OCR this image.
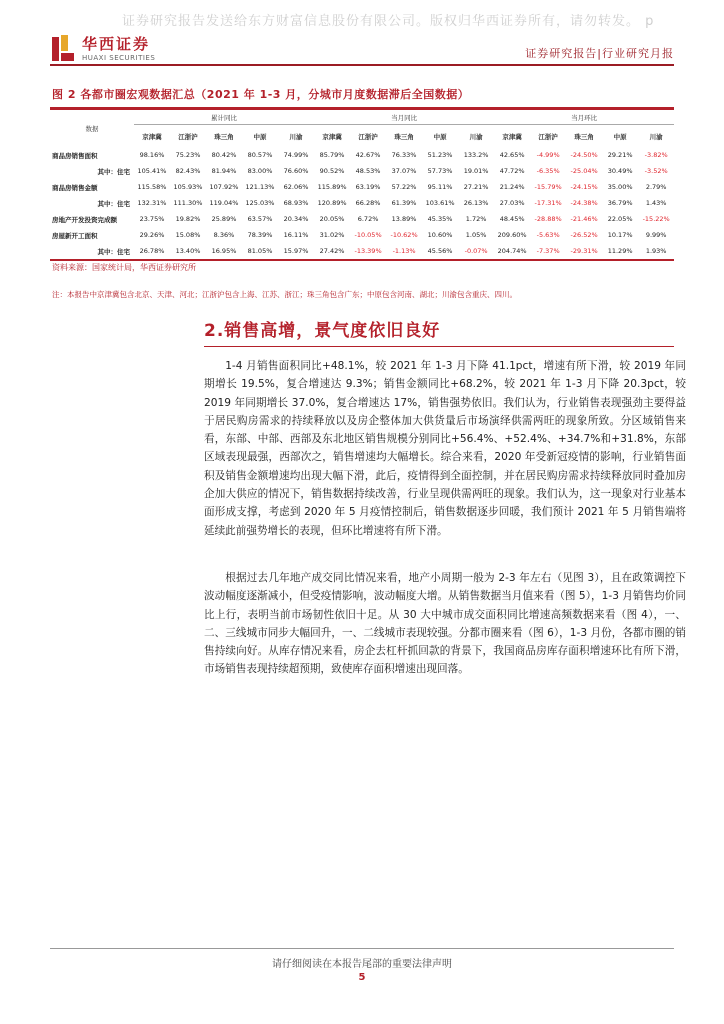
证券研究报告发送给东方财富信息股份有限公司。版权归华西证券所有，请勿转发。 p
华西证券
HUAXI SECURITIES	证券研究报告|行业研究月报
图 2 各都市圈宏观数据汇总（2021 年 1-3 月，分城市月度数据滞后全国数据）
数据	累计同比					当月同比					当月环比				
	京津冀	江浙沪	珠三角	中原	川渝	京津冀	江浙沪	珠三角	中原	川渝	京津冀	江浙沪	珠三角	中原	川渝
商品房销售面积	98.16%	75.23%	80.42%	80.57%	74.99%	85.79%	42.67%	76.33%	51.23%	133.2%	42.65%	-4.99%	-24.50%	29.21%	-3.82%
其中：住宅	105.41%	82.43%	81.94%	83.00%	76.60%	90.52%	48.53%	37.07%	57.73%	19.01%	47.72%	-6.35%	-25.04%	30.49%	-3.52%
商品房销售金额	115.58%	105.93%	107.92%	121.13%	62.06%	115.89%	63.19%	57.22%	95.11%	27.21%	21.24%	-15.79%	-24.15%	35.00%	2.79%
其中：住宅	132.31%	111.30%	119.04%	125.03%	68.93%	120.89%	66.28%	61.39%	103.61%	26.13%	27.03%	-17.31%	-24.38%	36.79%	1.43%
房地产开发投资完成额	23.75%	19.82%	25.89%	63.57%	20.34%	20.05%	6.72%	13.89%	45.35%	1.72%	48.45%	-28.88%	-21.46%	22.05%	-15.22%
房屋新开工面积	29.26%	15.08%	8.36%	78.39%	16.11%	31.02%	-10.05%	-10.62%	10.60%	1.05%	209.60%	-5.63%	-26.52%	10.17%	9.99%
其中：住宅	26.78%	13.40%	16.95%	81.05%	15.97%	27.42%	-13.39%	-1.13%	45.56%	-0.07%	204.74%	-7.37%	-29.31%	11.29%	1.93%
资料来源：国家统计局，华西证券研究所
注：本报告中京津冀包含北京、天津、河北；江浙沪包含上海、江苏、浙江；珠三角包含广东；中原包含河南、湖北；川渝包含重庆、四川。
2.销售高增，景气度依旧良好
1-4 月销售面积同比+48.1%，较 2021 年 1-3 月下降 41.1pct，增速有所下滑，较 2019 年同期增长 19.5%，复合增速达 9.3%；销售金额同比+68.2%，较 2021 年 1-3 月下降 20.3pct，较 2019 年同期增长 37.0%，复合增速达 17%，销售强势依旧。我们认为，行业销售表现强劲主要得益于居民购房需求的持续释放以及房企整体加大供货量后市场演绎供需两旺的现象所致。分区域销售来看，东部、中部、西部及东北地区销售规模分别同比+56.4%、+52.4%、+34.7%和+31.8%，东部区域表现最强，西部次之，销售增速均大幅增长。综合来看，2020 年受新冠疫情的影响，行业销售面积及销售金额增速均出现大幅下滑，此后，疫情得到全面控制，并在居民购房需求持续释放同时叠加房企加大供应的情况下，销售数据持续改善，行业呈现供需两旺的现象。我们认为，这一现象对行业基本面形成支撑，考虑到 2020 年 5 月疫情控制后，销售数据逐步回暖，我们预计 2021 年 5 月销售端将延续此前强势增长的表现，但环比增速将有所下滑。
根据过去几年地产成交同比情况来看，地产小周期一般为 2-3 年左右（见图 3），且在政策调控下波动幅度逐渐减小，但受疫情影响，波动幅度大增。从销售数据当月值来看（图 5），1-3 月销售均价同比上行，表明当前市场韧性依旧十足。从 30 大中城市成交面积同比增速高频数据来看（图 4），一、二、三线城市同步大幅回升，一、二线城市表现较强。分都市圈来看（图 6），1-3 月份，各都市圈的销售持续向好。从库存情况来看，房企去杠杆抓回款的背景下，我国商品房库存面积增速环比有所下滑，市场销售表现持续超预期，致使库存面积增速出现回落。
请仔细阅读在本报告尾部的重要法律声明
5
